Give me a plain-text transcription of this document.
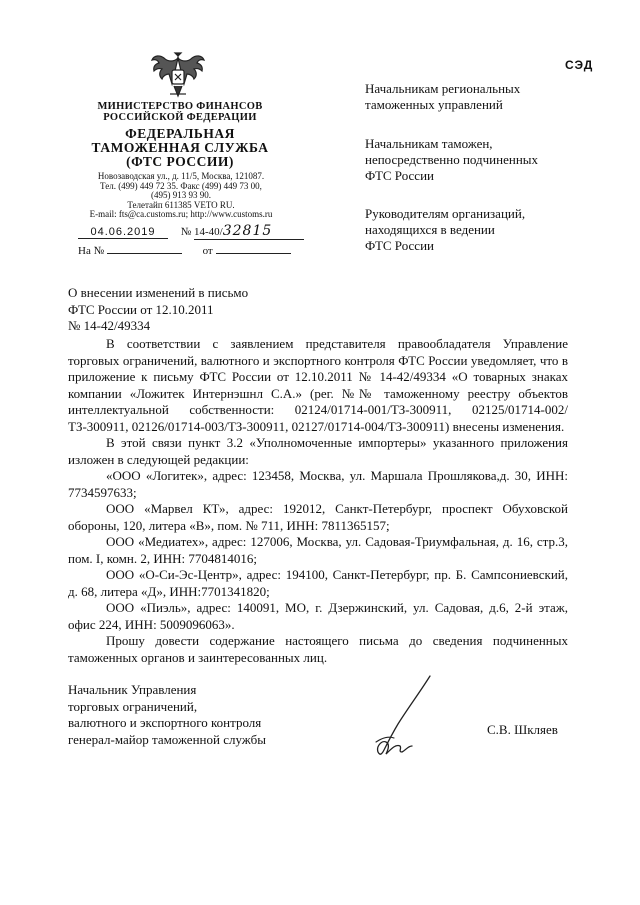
СЭД
МИНИСТЕРСТВО ФИНАНСОВ
РОССИЙСКОЙ ФЕДЕРАЦИИ
ФЕДЕРАЛЬНАЯ
ТАМОЖЕННАЯ СЛУЖБА
(ФТС РОССИИ)
Новозаводская ул., д. 11/5, Москва, 121087.
Тел. (499) 449 72 35. Факс (499) 449 73 00,
(495) 913 93 90.
Телетайп 611385 VETO RU.
E-mail: fts@ca.customs.ru; http://www.customs.ru
04.06.2019 № 14-40/32815
На №	от
Начальникам региональных
таможенных управлений
Начальникам таможен,
непосредственно подчиненных
ФТС России
Руководителям организаций,
находящихся в ведении
ФТС России
О внесении изменений в письмо
ФТС России от 12.10.2011
№ 14-42/49334

В соответствии с заявлением представителя правообладателя Управление торговых ограничений, валютного и экспортного контроля ФТС России уведомляет, что в приложение к письму ФТС России от 12.10.2011 № 14-42/49334 «О товарных знаках компании «Ложитек Интернэшнл С.А.» (рег. №№ таможенному реестру объектов интеллектуальной собственности: 02124/01714-001/ТЗ-300911, 02125/01714-002/ТЗ-300911, 02126/01714-003/ТЗ-300911, 02127/01714-004/ТЗ-300911) внесены изменения.

В этой связи пункт 3.2 «Уполномоченные импортеры» указанного приложения изложен в следующей редакции:

«ООО «Логитек», адрес: 123458, Москва, ул. Маршала Прошлякова,д. 30, ИНН: 7734597633;

ООО «Марвел КТ», адрес: 192012, Санкт-Петербург, проспект Обуховской обороны, 120, литера «В», пом. № 711, ИНН: 7811365157;

ООО «Медиатех», адрес: 127006, Москва, ул. Садовая-Триумфальная, д. 16, стр.3, пом. I, комн. 2, ИНН: 7704814016;

ООО «О-Си-Эс-Центр», адрес: 194100, Санкт-Петербург, пр. Б. Сампсониевский, д. 68, литера «Д», ИНН:7701341820;

ООО «Пиэль», адрес: 140091, МО, г. Дзержинский, ул. Садовая, д.6, 2-й этаж, офис 224, ИНН: 5009096063».

Прошу довести содержание настоящего письма до сведения подчиненных таможенных органов и заинтересованных лиц.

Начальник Управления
торговых ограничений,
валютного и экспортного контроля
генерал-майор таможенной службы
С.В. Шкляев
